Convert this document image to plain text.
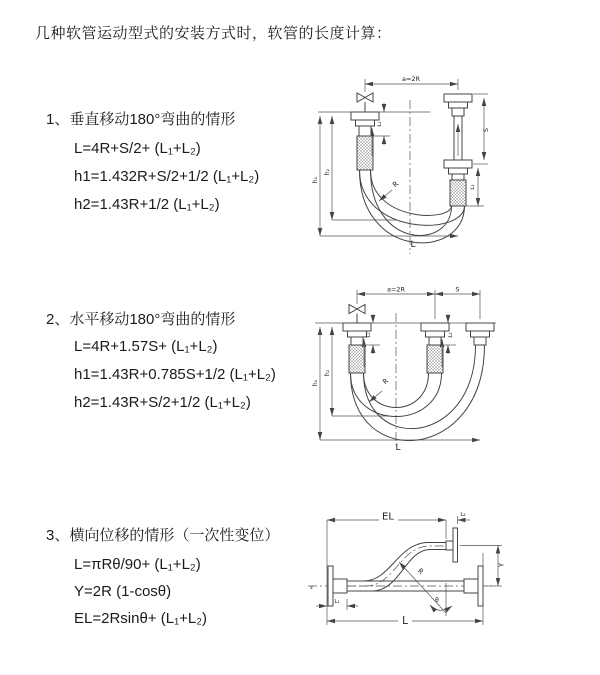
几种软管运动型式的安装方式时，软管的长度计算：
1、垂直移动180°弯曲的情形
L=4R+S/2+ (L₁+L₂)
h1=1.432R+S/2+1/2 (L₁+L₂)
h2=1.43R+1/2 (L₁+L₂)
2、水平移动180°弯曲的情形
L=4R+1.57S+ (L₁+L₂)
h1=1.43R+0.785S+1/2 (L₁+L₂)
h2=1.43R+S/2+1/2 (L₁+L₂)
3、横向位移的情形（一次性变位）
L=πRθ/90+ (L₁+L₂)
Y=2R (1-cosθ)
EL=2Rsinθ+ (L₁+L₂)
a=2R
h₁
h₂
L₁
S
L₂
R
L
a=2R	S
h₁
h₂
L₁	L₂
R
L
EL	L₂
Y
R
θ
L
L₁
z
